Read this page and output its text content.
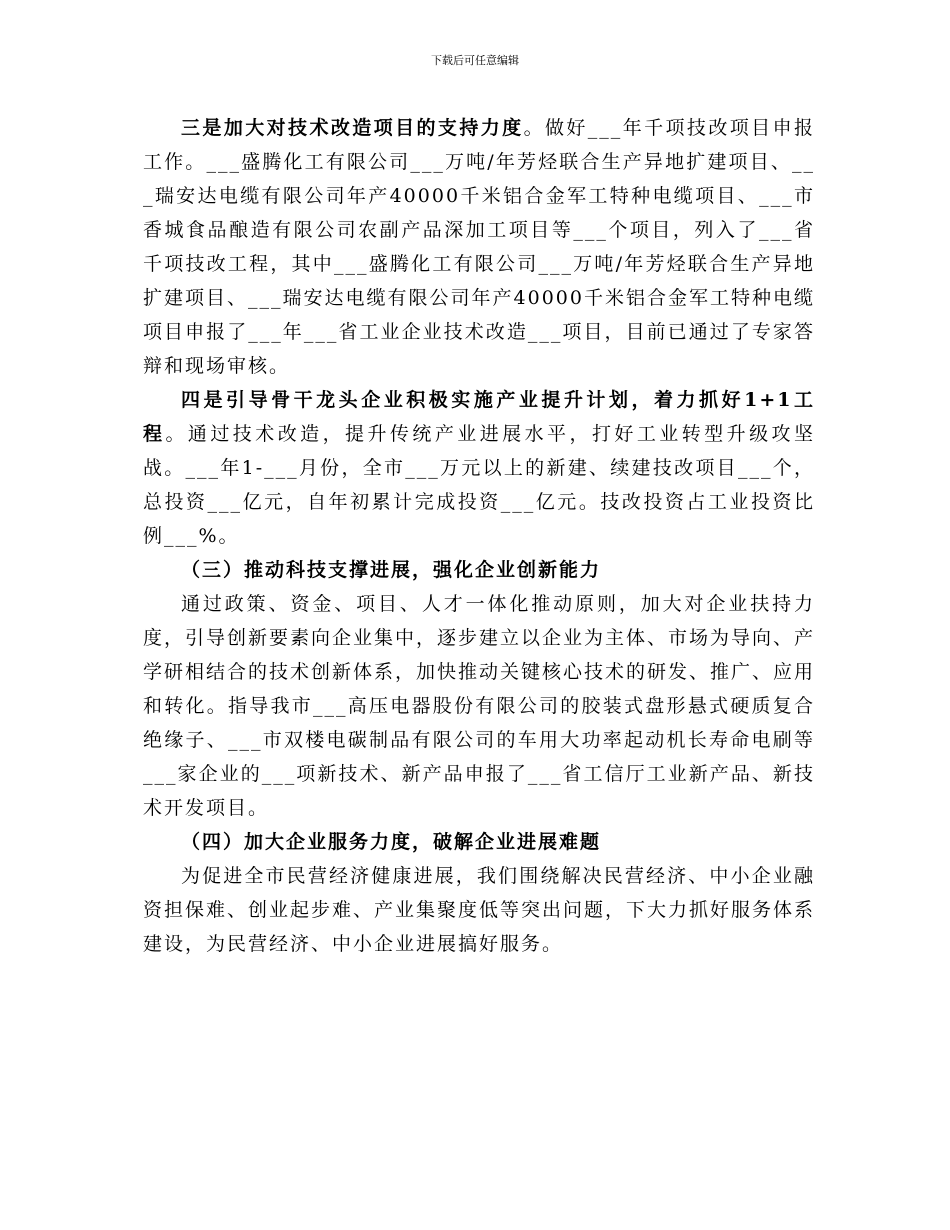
下载后可任意编辑

三是加大对技术改造项目的支持力度。做好___年千项技改项目申报工作。___盛腾化工有限公司___万吨/年芳烃联合生产异地扩建项目、___瑞安达电缆有限公司年产40000千米铝合金军工特种电缆项目、___市香城食品酿造有限公司农副产品深加工项目等___个项目，列入了___省千项技改工程，其中___盛腾化工有限公司___万吨/年芳烃联合生产异地扩建项目、___瑞安达电缆有限公司年产40000千米铝合金军工特种电缆项目申报了___年___省工业企业技术改造___项目，目前已通过了专家答辩和现场审核。

四是引导骨干龙头企业积极实施产业提升计划，着力抓好1+1工程。通过技术改造，提升传统产业进展水平，打好工业转型升级攻坚战。___年1-___月份，全市___万元以上的新建、续建技改项目___个，总投资___亿元，自年初累计完成投资___亿元。技改投资占工业投资比例___%。

（三）推动科技支撑进展，强化企业创新能力

通过政策、资金、项目、人才一体化推动原则，加大对企业扶持力度，引导创新要素向企业集中，逐步建立以企业为主体、市场为导向、产学研相结合的技术创新体系，加快推动关键核心技术的研发、推广、应用和转化。指导我市___高压电器股份有限公司的胶装式盘形悬式硬质复合绝缘子、___市双楼电碳制品有限公司的车用大功率起动机长寿命电刷等___家企业的___项新技术、新产品申报了___省工信厅工业新产品、新技术开发项目。

（四）加大企业服务力度，破解企业进展难题

为促进全市民营经济健康进展，我们围绕解决民营经济、中小企业融资担保难、创业起步难、产业集聚度低等突出问题，下大力抓好服务体系建设，为民营经济、中小企业进展搞好服务。
